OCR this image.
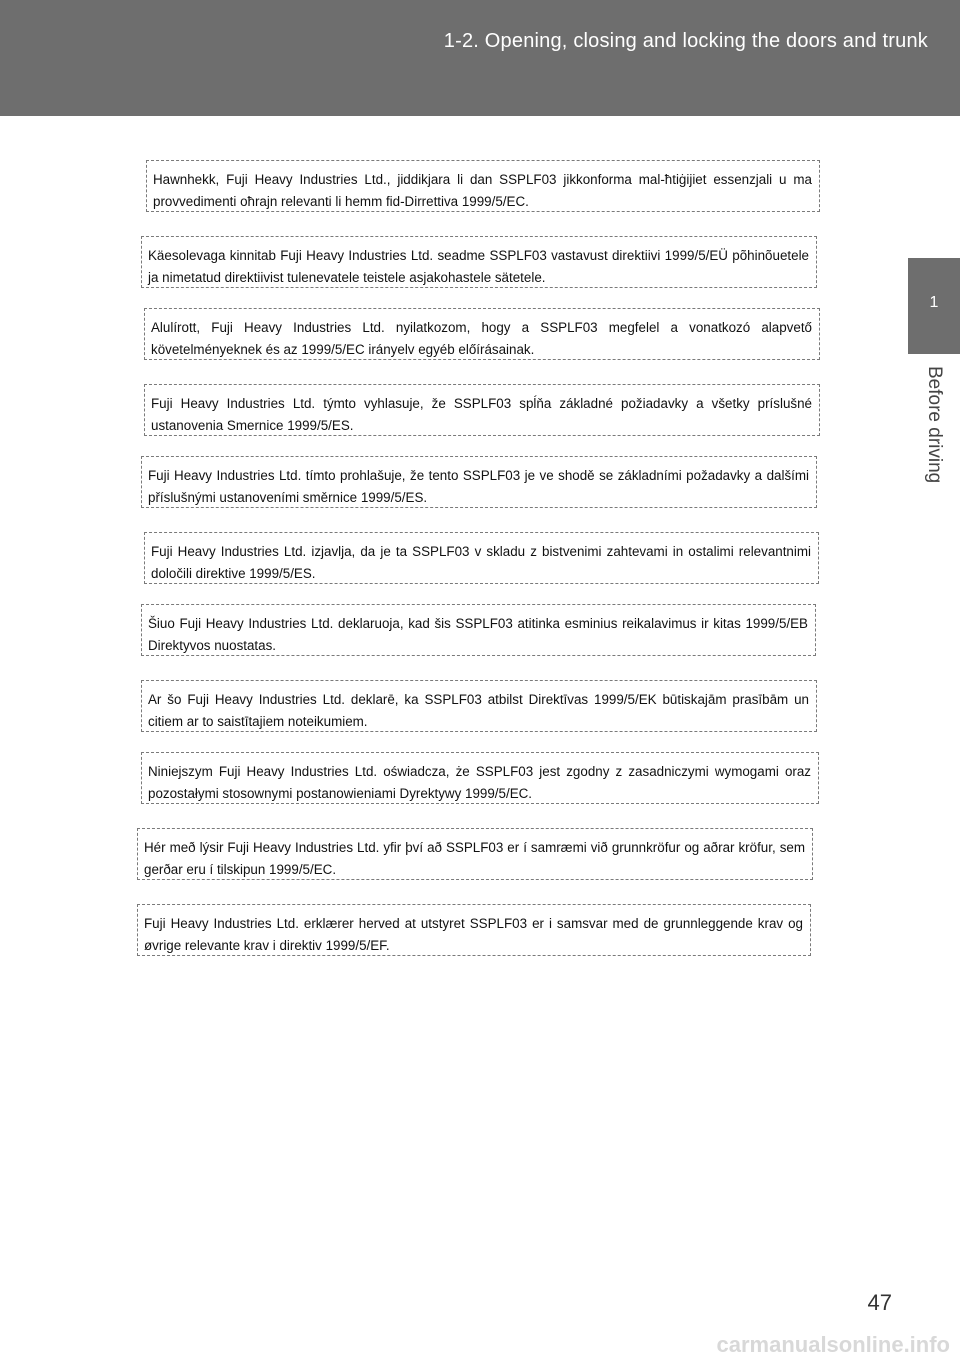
1-2. Opening, closing and locking the doors and trunk
1
Before driving

Hawnhekk, Fuji Heavy Industries Ltd., jiddikjara li dan SSPLF03 jikkonforma mal-ħtiġijiet essenzjali u ma provvedimenti oħrajn relevanti li hemm fid-Dirrettiva 1999/5/EC.

Käesolevaga kinnitab Fuji Heavy Industries Ltd. seadme SSPLF03 vastavust direktiivi 1999/5/EÜ põhinõuetele ja nimetatud direktiivist tulenevatele teistele asjakohastele sätetele.

Alulírott, Fuji Heavy Industries Ltd. nyilatkozom, hogy a SSPLF03 megfelel a vonatkozó alapvető követelményeknek és az 1999/5/EC irányelv egyéb előírásainak.

Fuji Heavy Industries Ltd. týmto vyhlasuje, že SSPLF03 spĺňa základné požiadavky a všetky príslušné ustanovenia Smernice 1999/5/ES.

Fuji Heavy Industries Ltd. tímto prohlašuje, že tento SSPLF03 je ve shodě se základními požadavky a dalšími příslušnými ustanoveními směrnice 1999/5/ES.

Fuji Heavy Industries Ltd. izjavlja, da je ta SSPLF03 v skladu z bistvenimi zahtevami in ostalimi relevantnimi določili direktive 1999/5/ES.

Šiuo Fuji Heavy Industries Ltd. deklaruoja, kad šis SSPLF03 atitinka esminius reikalavimus ir kitas 1999/5/EB Direktyvos nuostatas.

Ar šo Fuji Heavy Industries Ltd. deklarē, ka SSPLF03 atbilst Direktīvas 1999/5/EK būtiskajām prasībām un citiem ar to saistītajiem noteikumiem.

Niniejszym Fuji Heavy Industries Ltd. oświadcza, że SSPLF03 jest zgodny z zasadniczymi wymogami oraz pozostałymi stosownymi postanowieniami Dyrektywy 1999/5/EC.

Hér með lýsir Fuji Heavy Industries Ltd. yfir því að SSPLF03 er í samræmi við grunnkröfur og aðrar kröfur, sem gerðar eru í tilskipun 1999/5/EC.

Fuji Heavy Industries Ltd. erklærer herved at utstyret SSPLF03 er i samsvar med de grunnleggende krav og øvrige relevante krav i direktiv 1999/5/EF.

47
carmanualsonline.info
